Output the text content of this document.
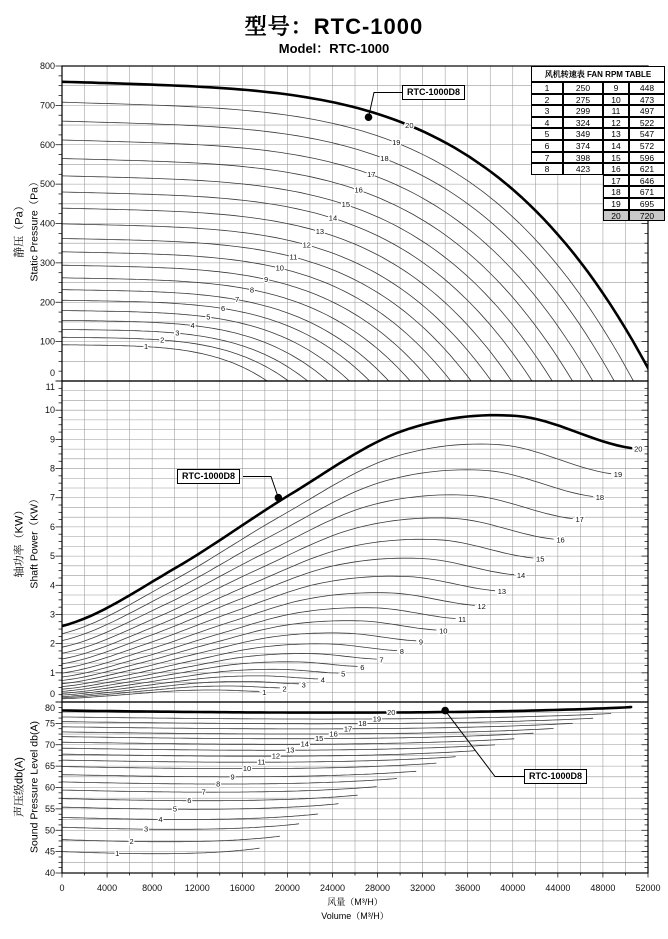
型号：RTC-1000
Model：RTC-1000
1
2
3
4
5
6
7
8
9
10
11
12
13
14
15
16
17
18
19
20
1 2 3
4
5
6
7
8
9
10
11
12
13
14
15
16
17
18
19
20
1
2
3
4
5
6
7
8
9
10
11
12
13
14
15
16
17
18
19
20
0
100
200
300
400
500
600
700
800
0
1
2
3
4
5
6
7
8
9
10
11
40
45
50
55
60
65
70
75
80
0	4000	8000	12000 16000 20000 24000 28000 32000 36000 40000 44000 48000 52000
静压（Pa） Static Pressure（Pa）
轴功率（KW） Shaft Power（KW）
声压级db(A) Sound Pressure Level db(A)
风量（M³/H）
Volume（M³/H）
RTC-1000D8
RTC-1000D8
RTC-1000D8
风机转速表 FAN RPM TABLE
1	250	9	448
2	275	10	473
3	299	11	497
4	324	12	522
5	349	13	547
6	374	14	572
7	398	15	596
8	423	16	621
17	646
18	671
19	695
20	720
